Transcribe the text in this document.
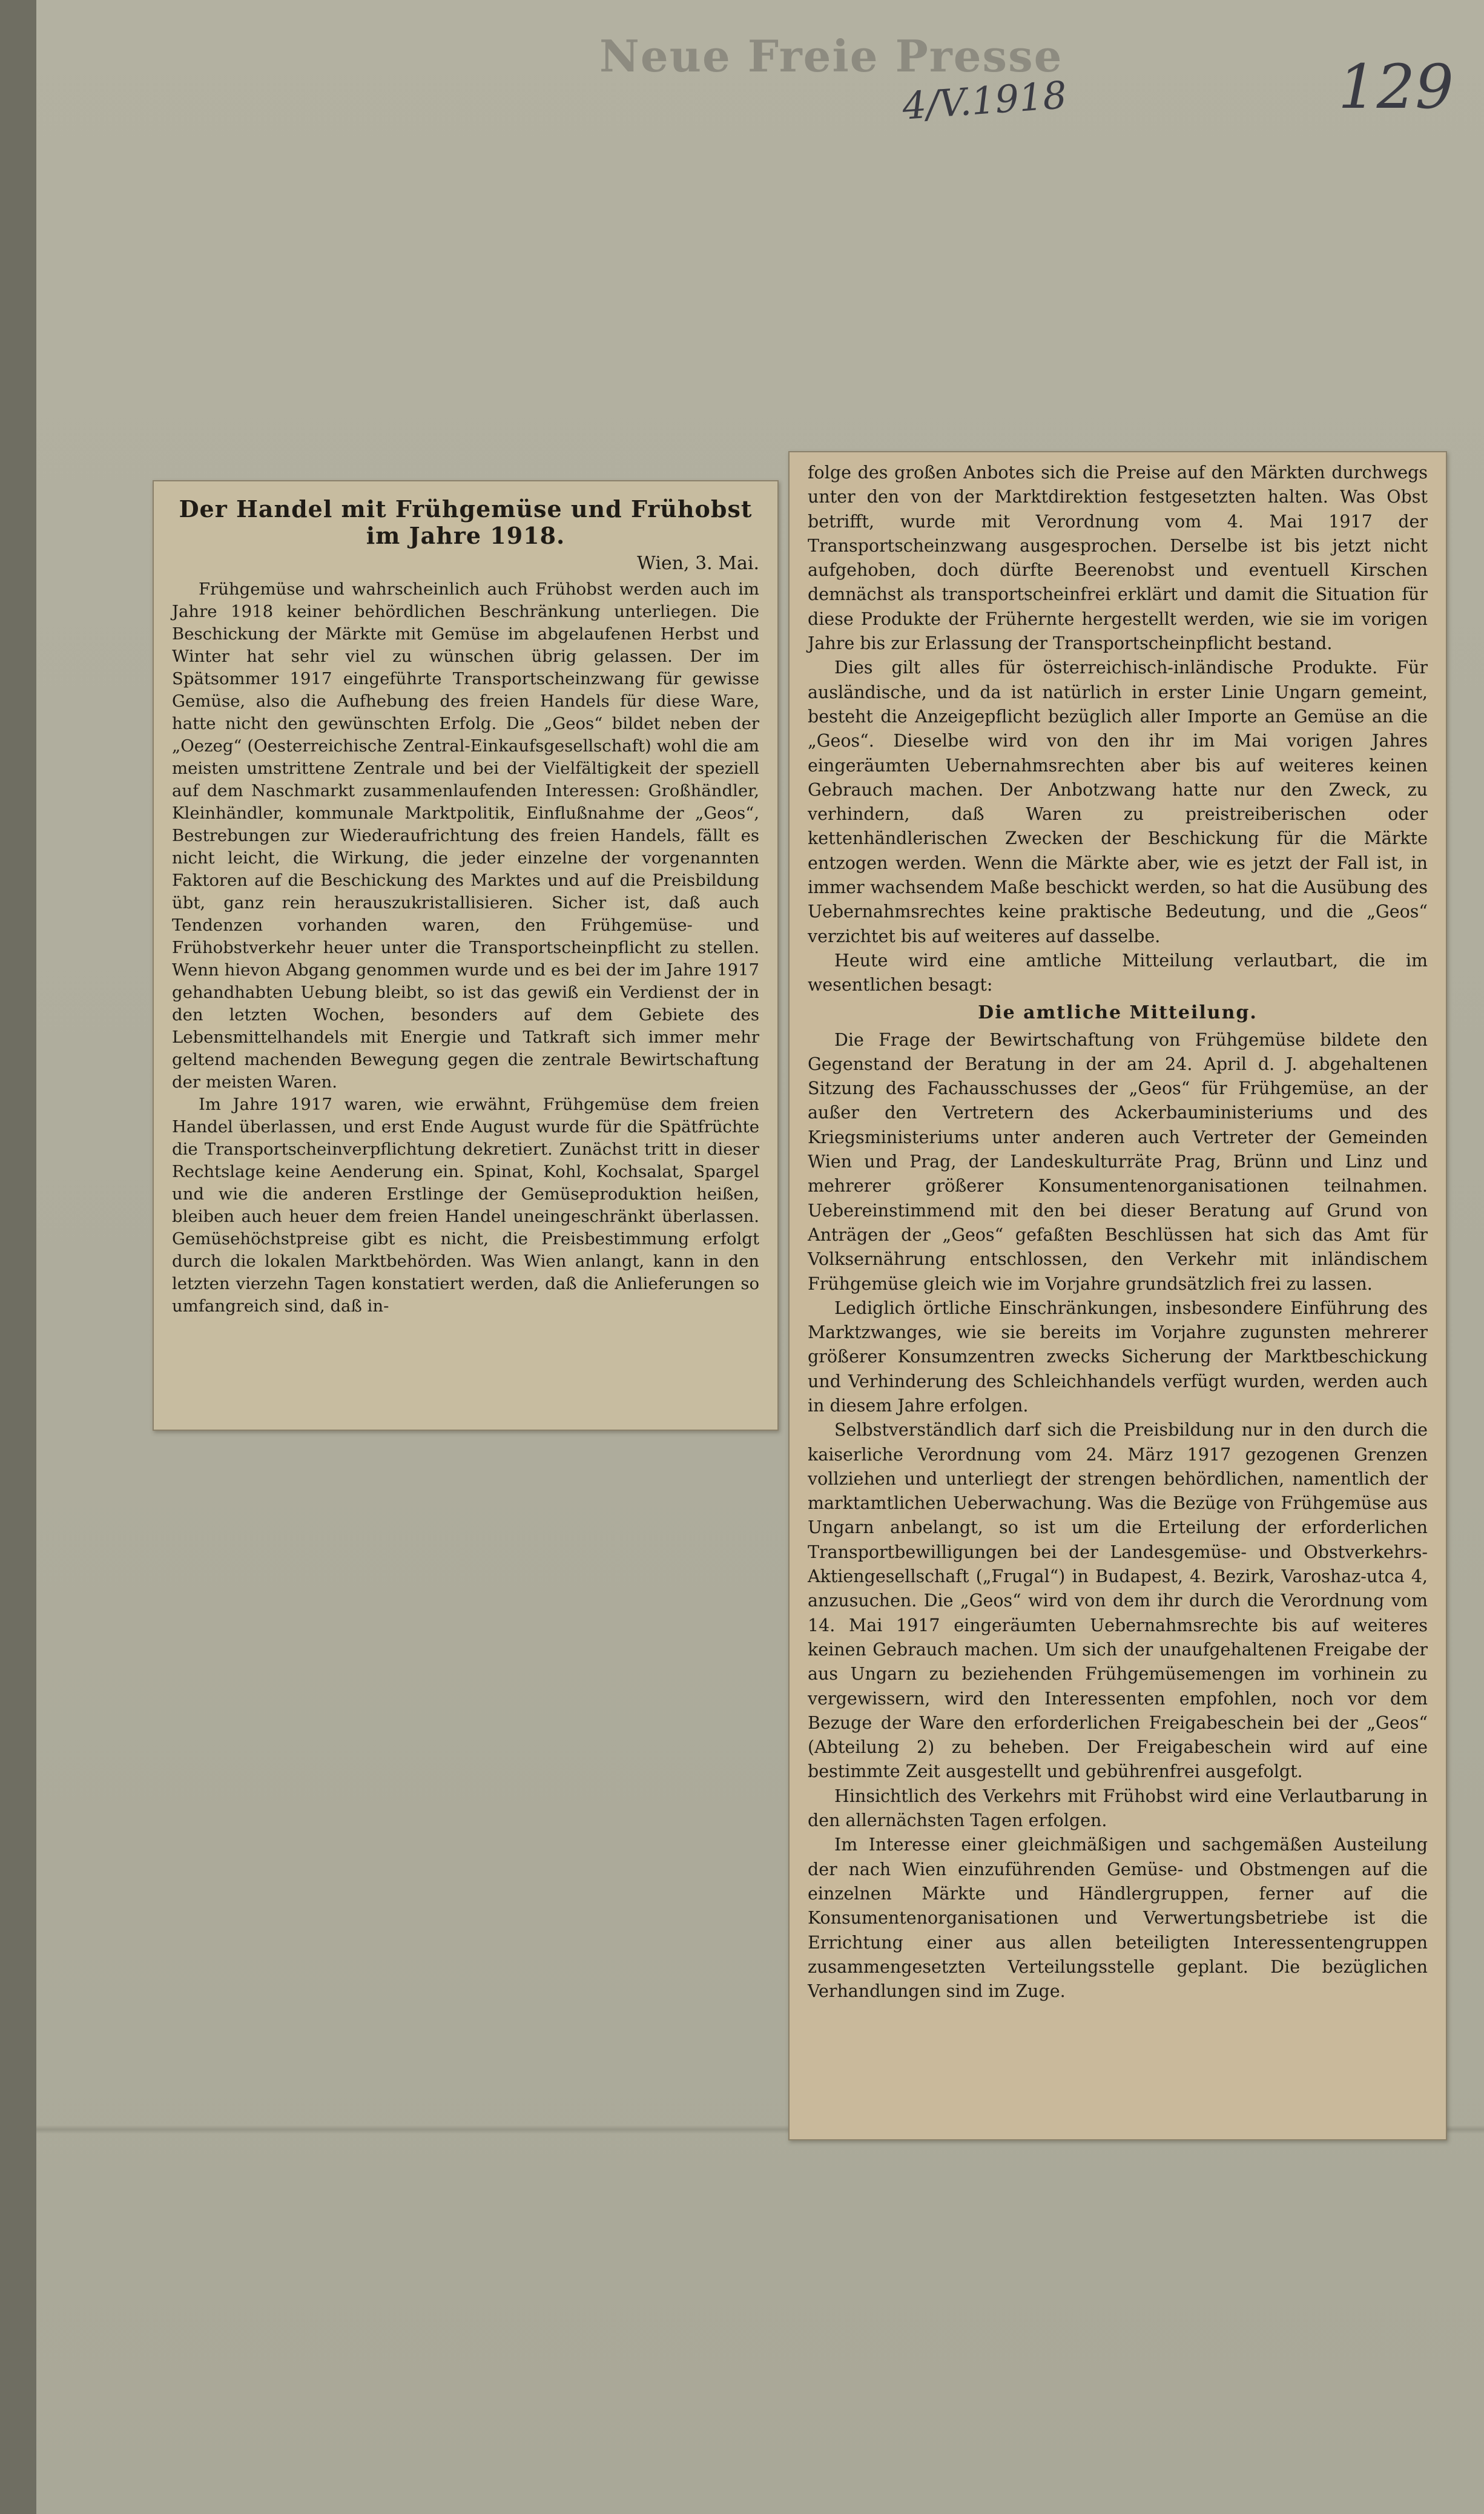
Neue Freie Presse
4/V.1918	129
Der Handel mit Frühgemüse und Frühobst im Jahre 1918.
Wien, 3. Mai.

Frühgemüse und wahrscheinlich auch Frühobst werden auch im Jahre 1918 keiner behördlichen Beschränkung unterliegen. Die Beschickung der Märkte mit Gemüse im abgelaufenen Herbst und Winter hat sehr viel zu wünschen übrig gelassen. Der im Spätsommer 1917 eingeführte Transportscheinzwang für gewisse Gemüse, also die Aufhebung des freien Handels für diese Ware, hatte nicht den gewünschten Erfolg. Die „Geos“ bildet neben der „Oezeg“ (Oesterreichische Zentral-Einkaufsgesellschaft) wohl die am meisten umstrittene Zentrale und bei der Vielfältigkeit der speziell auf dem Naschmarkt zusammenlaufenden Interessen: Großhändler, Kleinhändler, kommunale Marktpolitik, Einflußnahme der „Geos“, Bestrebungen zur Wiederaufrichtung des freien Handels, fällt es nicht leicht, die Wirkung, die jeder einzelne der vorgenannten Faktoren auf die Beschickung des Marktes und auf die Preisbildung übt, ganz rein herauszukristallisieren. Sicher ist, daß auch Tendenzen vorhanden waren, den Frühgemüse- und Frühobstverkehr heuer unter die Transportscheinpflicht zu stellen. Wenn hievon Abgang genommen wurde und es bei der im Jahre 1917 gehandhabten Uebung bleibt, so ist das gewiß ein Verdienst der in den letzten Wochen, besonders auf dem Gebiete des Lebensmittelhandels mit Energie und Tatkraft sich immer mehr geltend machenden Bewegung gegen die zentrale Bewirtschaftung der meisten Waren.

Im Jahre 1917 waren, wie erwähnt, Frühgemüse dem freien Handel überlassen, und erst Ende August wurde für die Spätfrüchte die Transportscheinverpflichtung dekretiert. Zunächst tritt in dieser Rechtslage keine Aenderung ein. Spinat, Kohl, Kochsalat, Spargel und wie die anderen Erstlinge der Gemüseproduktion heißen, bleiben auch heuer dem freien Handel uneingeschränkt überlassen. Gemüsehöchstpreise gibt es nicht, die Preisbestimmung erfolgt durch die lokalen Marktbehörden. Was Wien anlangt, kann in den letzten vierzehn Tagen konstatiert werden, daß die Anlieferungen so umfangreich sind, daß in-

folge des großen Anbotes sich die Preise auf den Märkten durchwegs unter den von der Marktdirektion festgesetzten halten. Was Obst betrifft, wurde mit Verordnung vom 4. Mai 1917 der Transportscheinzwang ausgesprochen. Derselbe ist bis jetzt nicht aufgehoben, doch dürfte Beerenobst und eventuell Kirschen demnächst als transportscheinfrei erklärt und damit die Situation für diese Produkte der Frühernte hergestellt werden, wie sie im vorigen Jahre bis zur Erlassung der Transportscheinpflicht bestand.

Dies gilt alles für österreichisch-inländische Produkte. Für ausländische, und da ist natürlich in erster Linie Ungarn gemeint, besteht die Anzeigepflicht bezüglich aller Importe an Gemüse an die „Geos“. Dieselbe wird von den ihr im Mai vorigen Jahres eingeräumten Uebernahmsrechten aber bis auf weiteres keinen Gebrauch machen. Der Anbotzwang hatte nur den Zweck, zu verhindern, daß Waren zu preistreiberischen oder kettenhändlerischen Zwecken der Beschickung für die Märkte entzogen werden. Wenn die Märkte aber, wie es jetzt der Fall ist, in immer wachsendem Maße beschickt werden, so hat die Ausübung des Uebernahmsrechtes keine praktische Bedeutung, und die „Geos“ verzichtet bis auf weiteres auf dasselbe.

Heute wird eine amtliche Mitteilung verlautbart, die im wesentlichen besagt:

Die amtliche Mitteilung.

Die Frage der Bewirtschaftung von Frühgemüse bildete den Gegenstand der Beratung in der am 24. April d. J. abgehaltenen Sitzung des Fachausschusses der „Geos“ für Frühgemüse, an der außer den Vertretern des Ackerbauministeriums und des Kriegsministeriums unter anderen auch Vertreter der Gemeinden Wien und Prag, der Landeskulturräte Prag, Brünn und Linz und mehrerer größerer Konsumentenorganisationen teilnahmen. Uebereinstimmend mit den bei dieser Beratung auf Grund von Anträgen der „Geos“ gefaßten Beschlüssen hat sich das Amt für Volksernährung entschlossen, den Verkehr mit inländischem Frühgemüse gleich wie im Vorjahre grundsätzlich frei zu lassen.

Lediglich örtliche Einschränkungen, insbesondere Einführung des Marktzwanges, wie sie bereits im Vorjahre zugunsten mehrerer größerer Konsumzentren zwecks Sicherung der Marktbeschickung und Verhinderung des Schleichhandels verfügt wurden, werden auch in diesem Jahre erfolgen.

Selbstverständlich darf sich die Preisbildung nur in den durch die kaiserliche Verordnung vom 24. März 1917 gezogenen Grenzen vollziehen und unterliegt der strengen behördlichen, namentlich der marktamtlichen Ueberwachung. Was die Bezüge von Frühgemüse aus Ungarn anbelangt, so ist um die Erteilung der erforderlichen Transportbewilligungen bei der Landesgemüse- und Obstverkehrs-Aktiengesellschaft („Frugal“) in Budapest, 4. Bezirk, Varoshaz-utca 4, anzusuchen. Die „Geos“ wird von dem ihr durch die Verordnung vom 14. Mai 1917 eingeräumten Uebernahmsrechte bis auf weiteres keinen Gebrauch machen. Um sich der unaufgehaltenen Freigabe der aus Ungarn zu beziehenden Frühgemüsemengen im vorhinein zu vergewissern, wird den Interessenten empfohlen, noch vor dem Bezuge der Ware den erforderlichen Freigabeschein bei der „Geos“ (Abteilung 2) zu beheben. Der Freigabeschein wird auf eine bestimmte Zeit ausgestellt und gebührenfrei ausgefolgt.

Hinsichtlich des Verkehrs mit Frühobst wird eine Verlautbarung in den allernächsten Tagen erfolgen.

Im Interesse einer gleichmäßigen und sachgemäßen Austeilung der nach Wien einzuführenden Gemüse- und Obstmengen auf die einzelnen Märkte und Händlergruppen, ferner auf die Konsumentenorganisationen und Verwertungsbetriebe ist die Errichtung einer aus allen beteiligten Interessentengruppen zusammengesetzten Verteilungsstelle geplant. Die bezüglichen Verhandlungen sind im Zuge.
